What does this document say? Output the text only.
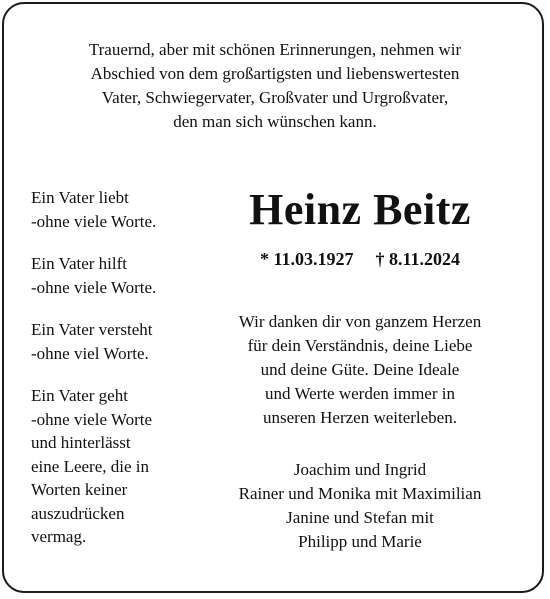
Trauernd, aber mit schönen Erinnerungen, nehmen wir
Abschied von dem großartigsten und liebenswertesten
Vater, Schwiegervater, Großvater und Urgroßvater,
den man sich wünschen kann.
Ein Vater liebt
-ohne viele Worte.
Ein Vater hilft
-ohne viele Worte.
Ein Vater versteht
-ohne viel Worte.
Ein Vater geht
-ohne viele Worte
und hinterlässt
eine Leere, die in
Worten keiner
auszudrücken
vermag.
Heinz Beitz
* 11.03.1927 † 8.11.2024
Wir danken dir von ganzem Herzen
für dein Verständnis, deine Liebe
und deine Güte. Deine Ideale
und Werte werden immer in
unseren Herzen weiterleben.
Joachim und Ingrid
Rainer und Monika mit Maximilian
Janine und Stefan mit
Philipp und Marie
